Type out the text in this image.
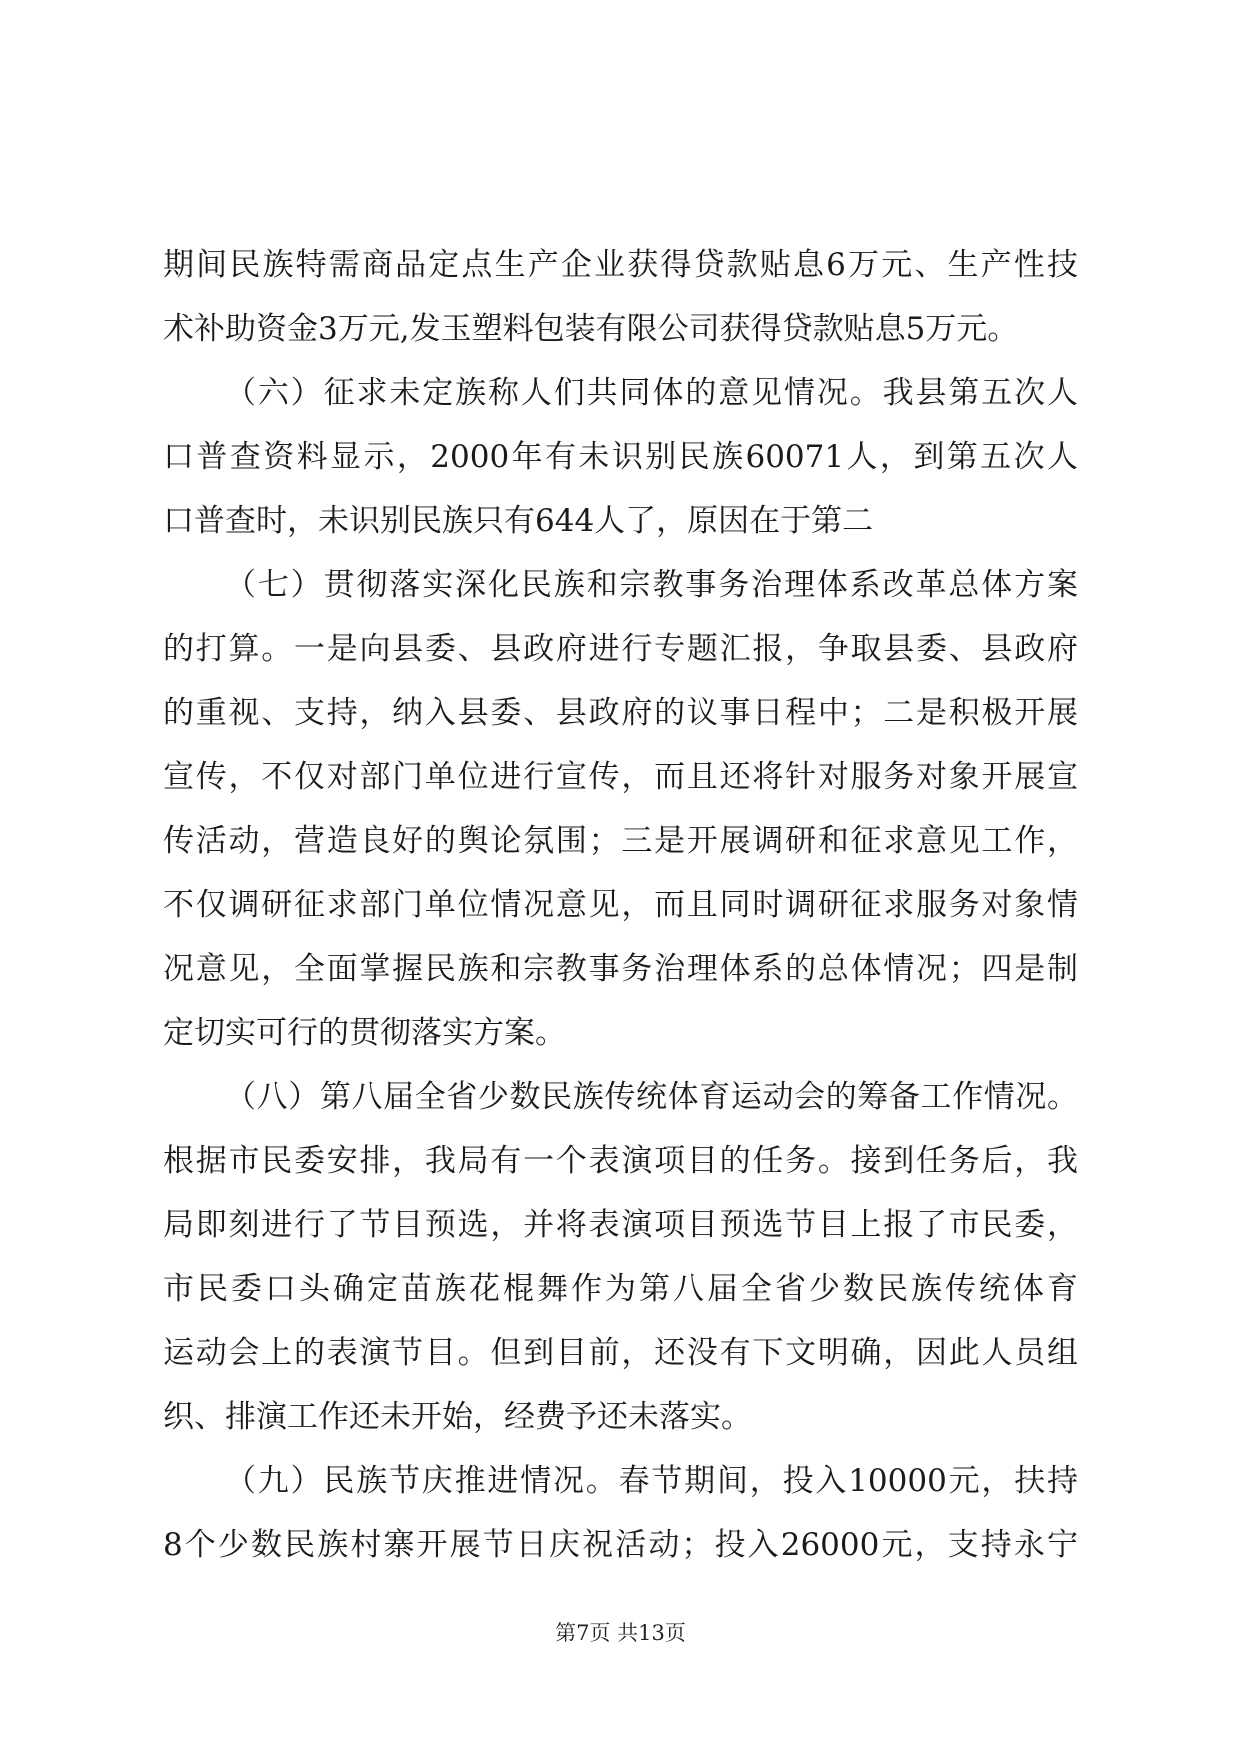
期间民族特需商品定点生产企业获得贷款贴息6万元、生产性技
术补助资金3万元,发玉塑料包装有限公司获得贷款贴息5万元。
（六）征求未定族称人们共同体的意见情况。我县第五次人
口普查资料显示，2000年有未识别民族60071人，到第五次人
口普查时，未识别民族只有644人了，原因在于第二
（七）贯彻落实深化民族和宗教事务治理体系改革总体方案
的打算。一是向县委、县政府进行专题汇报，争取县委、县政府
的重视、支持，纳入县委、县政府的议事日程中；二是积极开展
宣传，不仅对部门单位进行宣传，而且还将针对服务对象开展宣
传活动，营造良好的舆论氛围；三是开展调研和征求意见工作，
不仅调研征求部门单位情况意见，而且同时调研征求服务对象情
况意见，全面掌握民族和宗教事务治理体系的总体情况；四是制
定切实可行的贯彻落实方案。
（八）第八届全省少数民族传统体育运动会的筹备工作情况。
根据市民委安排，我局有一个表演项目的任务。接到任务后，我
局即刻进行了节目预选，并将表演项目预选节目上报了市民委，
市民委口头确定苗族花棍舞作为第八届全省少数民族传统体育
运动会上的表演节目。但到目前，还没有下文明确，因此人员组
织、排演工作还未开始，经费予还未落实。
（九）民族节庆推进情况。春节期间，投入10000元，扶持
8个少数民族村寨开展节日庆祝活动；投入26000元，支持永宁
第7页 共13页
